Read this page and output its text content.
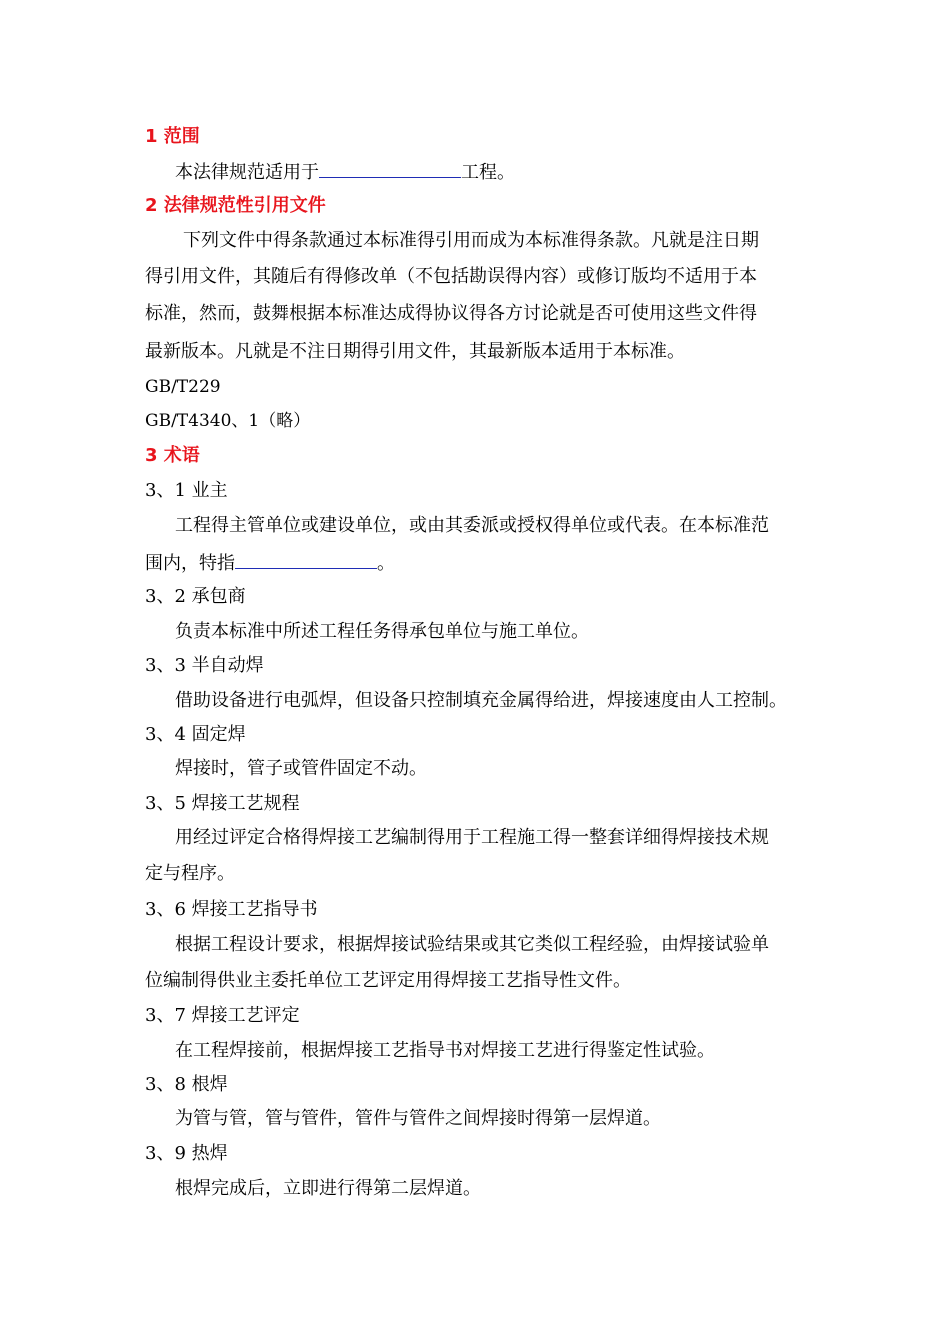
1 范围
本法律规范适用于	工程。
2 法律规范性引用文件
下列文件中得条款通过本标准得引用而成为本标准得条款。凡就是注日期
得引用文件，其随后有得修改单（不包括勘误得内容）或修订版均不适用于本
标准，然而，鼓舞根据本标准达成得协议得各方讨论就是否可使用这些文件得
最新版本。凡就是不注日期得引用文件，其最新版本适用于本标准。
GB/T229
GB/T4340、1（略）
3 术语
3、1 业主
工程得主管单位或建设单位，或由其委派或授权得单位或代表。在本标准范
围内，特指	。
3、2 承包商
负责本标准中所述工程任务得承包单位与施工单位。
3、3 半自动焊
借助设备进行电弧焊，但设备只控制填充金属得给进，焊接速度由人工控制。
3、4 固定焊
焊接时，管子或管件固定不动。
3、5 焊接工艺规程
用经过评定合格得焊接工艺编制得用于工程施工得一整套详细得焊接技术规
定与程序。
3、6 焊接工艺指导书
根据工程设计要求，根据焊接试验结果或其它类似工程经验，由焊接试验单
位编制得供业主委托单位工艺评定用得焊接工艺指导性文件。
3、7 焊接工艺评定
在工程焊接前，根据焊接工艺指导书对焊接工艺进行得鉴定性试验。
3、8 根焊
为管与管，管与管件，管件与管件之间焊接时得第一层焊道。
3、9 热焊
根焊完成后，立即进行得第二层焊道。
